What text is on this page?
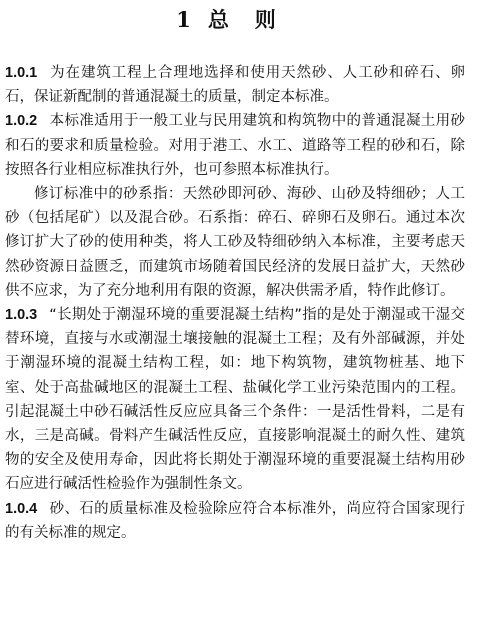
1 总则

1.0.1 为在建筑工程上合理地选择和使用天然砂、人工砂和碎石、卵石，保证新配制的普通混凝土的质量，制定本标准。

1.0.2 本标准适用于一般工业与民用建筑和构筑物中的普通混凝土用砂和石的要求和质量检验。对用于港工、水工、道路等工程的砂和石，除按照各行业相应标准执行外，也可参照本标准执行。

修订标准中的砂系指：天然砂即河砂、海砂、山砂及特细砂；人工砂（包括尾矿）以及混合砂。石系指：碎石、碎卵石及卵石。通过本次修订扩大了砂的使用种类，将人工砂及特细砂纳入本标准，主要考虑天然砂资源日益匮乏，而建筑市场随着国民经济的发展日益扩大，天然砂供不应求，为了充分地利用有限的资源，解决供需矛盾，特作此修订。

1.0.3 “长期处于潮湿环境的重要混凝土结构”指的是处于潮湿或干湿交替环境，直接与水或潮湿土壤接触的混凝土工程；及有外部碱源，并处于潮湿环境的混凝土结构工程，如：地下构筑物，建筑物桩基、地下室、处于高盐碱地区的混凝土工程、盐碱化学工业污染范围内的工程。引起混凝土中砂石碱活性反应应具备三个条件：一是活性骨料，二是有水，三是高碱。骨料产生碱活性反应，直接影响混凝土的耐久性、建筑物的安全及使用寿命，因此将长期处于潮湿环境的重要混凝土结构用砂石应进行碱活性检验作为强制性条文。

1.0.4 砂、石的质量标准及检验除应符合本标准外，尚应符合国家现行的有关标准的规定。
